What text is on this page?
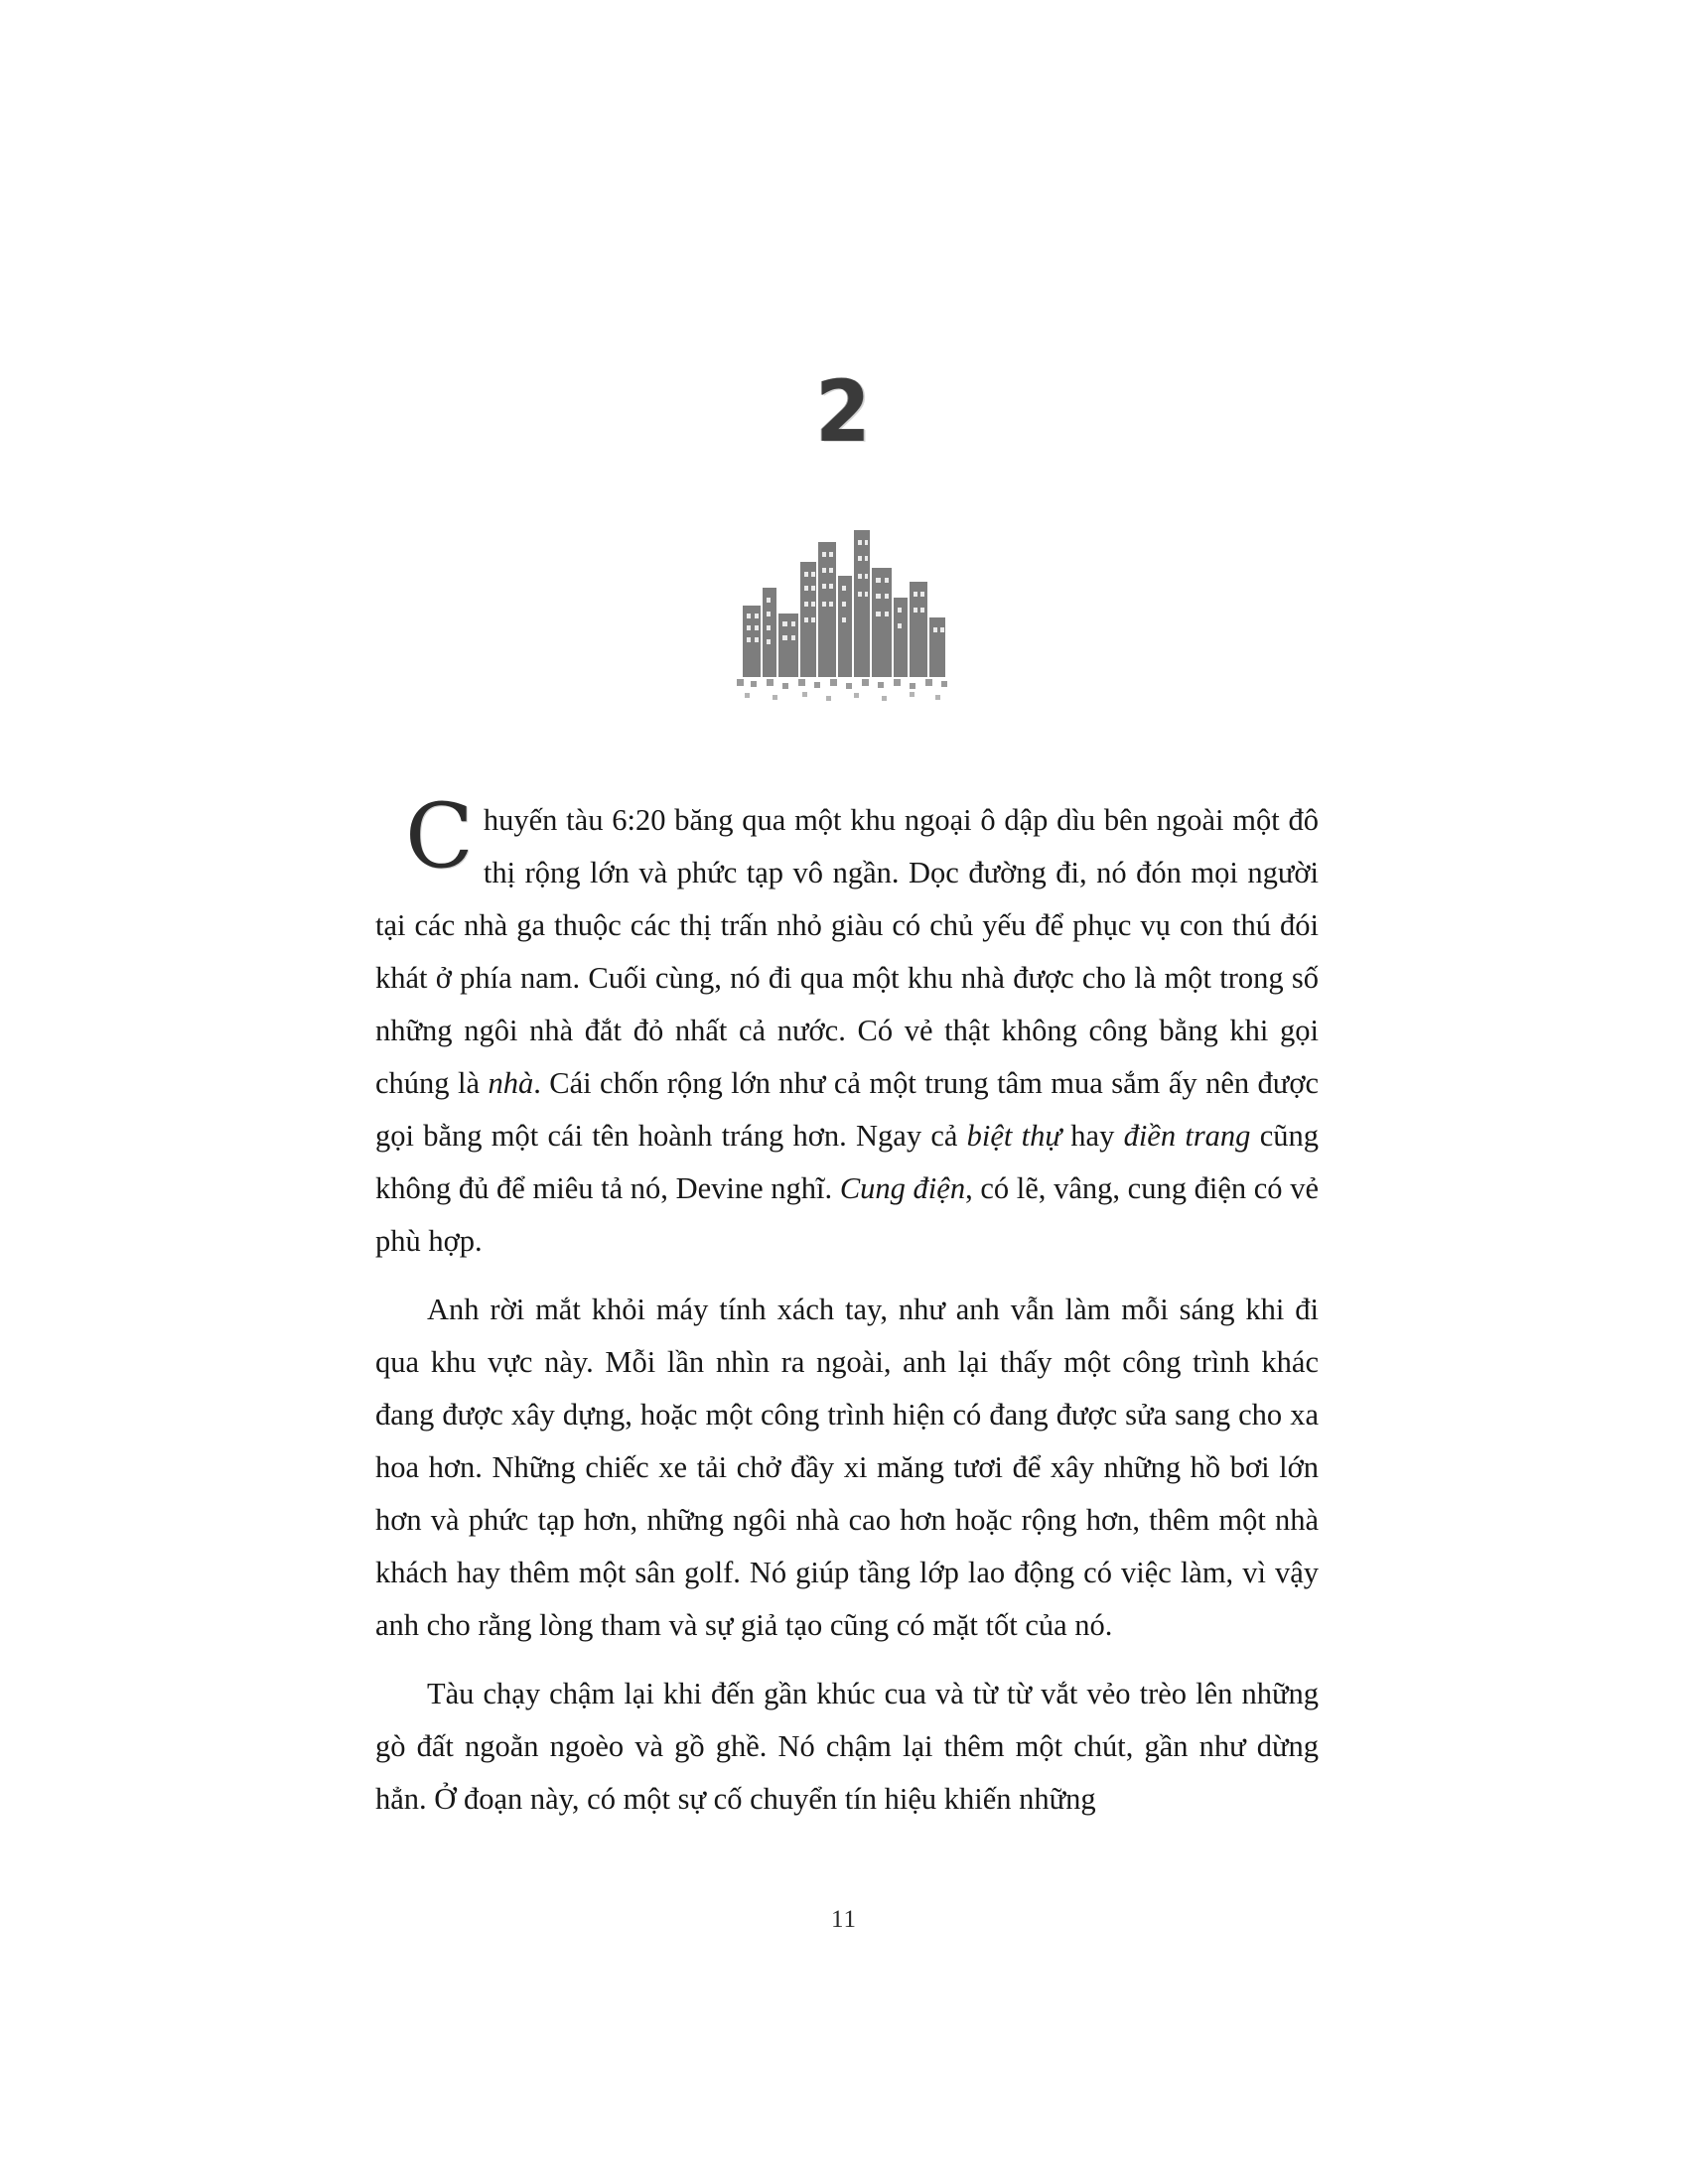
2

Chuyến tàu 6:20 băng qua một khu ngoại ô dập dìu bên ngoài một đô thị rộng lớn và phức tạp vô ngần. Dọc đường đi, nó đón mọi người tại các nhà ga thuộc các thị trấn nhỏ giàu có chủ yếu để phục vụ con thú đói khát ở phía nam. Cuối cùng, nó đi qua một khu nhà được cho là một trong số những ngôi nhà đắt đỏ nhất cả nước. Có vẻ thật không công bằng khi gọi chúng là nhà. Cái chốn rộng lớn như cả một trung tâm mua sắm ấy nên được gọi bằng một cái tên hoành tráng hơn. Ngay cả biệt thự hay điền trang cũng không đủ để miêu tả nó, Devine nghĩ. Cung điện, có lẽ, vâng, cung điện có vẻ phù hợp.

Anh rời mắt khỏi máy tính xách tay, như anh vẫn làm mỗi sáng khi đi qua khu vực này. Mỗi lần nhìn ra ngoài, anh lại thấy một công trình khác đang được xây dựng, hoặc một công trình hiện có đang được sửa sang cho xa hoa hơn. Những chiếc xe tải chở đầy xi măng tươi để xây những hồ bơi lớn hơn và phức tạp hơn, những ngôi nhà cao hơn hoặc rộng hơn, thêm một nhà khách hay thêm một sân golf. Nó giúp tầng lớp lao động có việc làm, vì vậy anh cho rằng lòng tham và sự giả tạo cũng có mặt tốt của nó.

Tàu chạy chậm lại khi đến gần khúc cua và từ từ vắt vẻo trèo lên những gò đất ngoằn ngoèo và gồ ghề. Nó chậm lại thêm một chút, gần như dừng hẳn. Ở đoạn này, có một sự cố chuyển tín hiệu khiến những

11
